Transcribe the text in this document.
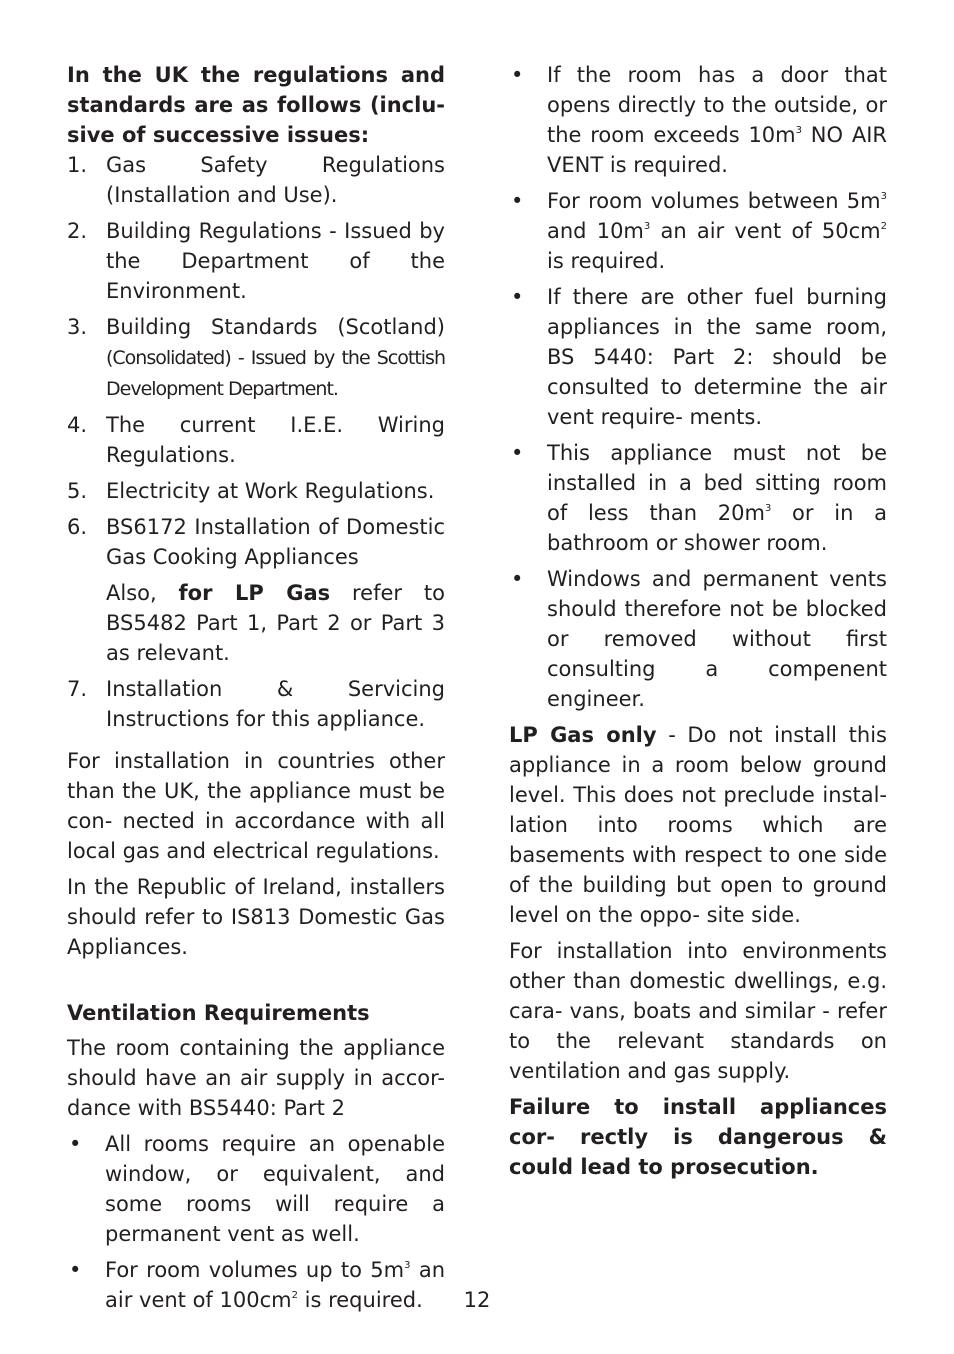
In the UK the regulations and standards are as follows (inclu- sive of successive issues:

1. Gas Safety Regulations (Installation and Use).
2. Building Regulations - Issued by the Department of the Environment.
3. Building Standards (Scotland) (Consolidated) - Issued by the Scottish Development Department.
4. The current I.E.E. Wiring Regulations.
5. Electricity at Work Regulations.
6. BS6172 Installation of Domestic Gas Cooking Appliances
Also, for LP Gas refer to BS5482 Part 1, Part 2 or Part 3 as relevant.
7. Installation & Servicing Instructions for this appliance.

For installation in countries other than the UK, the appliance must be con- nected in accordance with all local gas and electrical regulations.

In the Republic of Ireland, installers should refer to IS813 Domestic Gas Appliances.

Ventilation Requirements

The room containing the appliance should have an air supply in accor- dance with BS5440: Part 2

• All rooms require an openable window, or equivalent, and some rooms will require a permanent vent as well.
• For room volumes up to $5m^3$ an air vent of $100cm^2$ is required.
• If the room has a door that opens directly to the outside, or the room exceeds $10m^3$ NO AIR VENT is required.
• For room volumes between $5m^3$ and $10m^3$ an air vent of $50cm^2$ is required.
• If there are other fuel burning appliances in the same room, BS 5440: Part 2: should be consulted to determine the air vent require- ments.
• This appliance must not be installed in a bed sitting room of less than $20m^3$ or in a bathroom or shower room.
• Windows and permanent vents should therefore not be blocked or removed without first consulting a compenent engineer.

LP Gas only - Do not install this appliance in a room below ground level. This does not preclude instal- lation into rooms which are basements with respect to one side of the building but open to ground level on the oppo- site side.

For installation into environments other than domestic dwellings, e.g. cara- vans, boats and similar - refer to the relevant standards on ventilation and gas supply.

Failure to install appliances cor- rectly is dangerous & could lead to prosecution.

12
